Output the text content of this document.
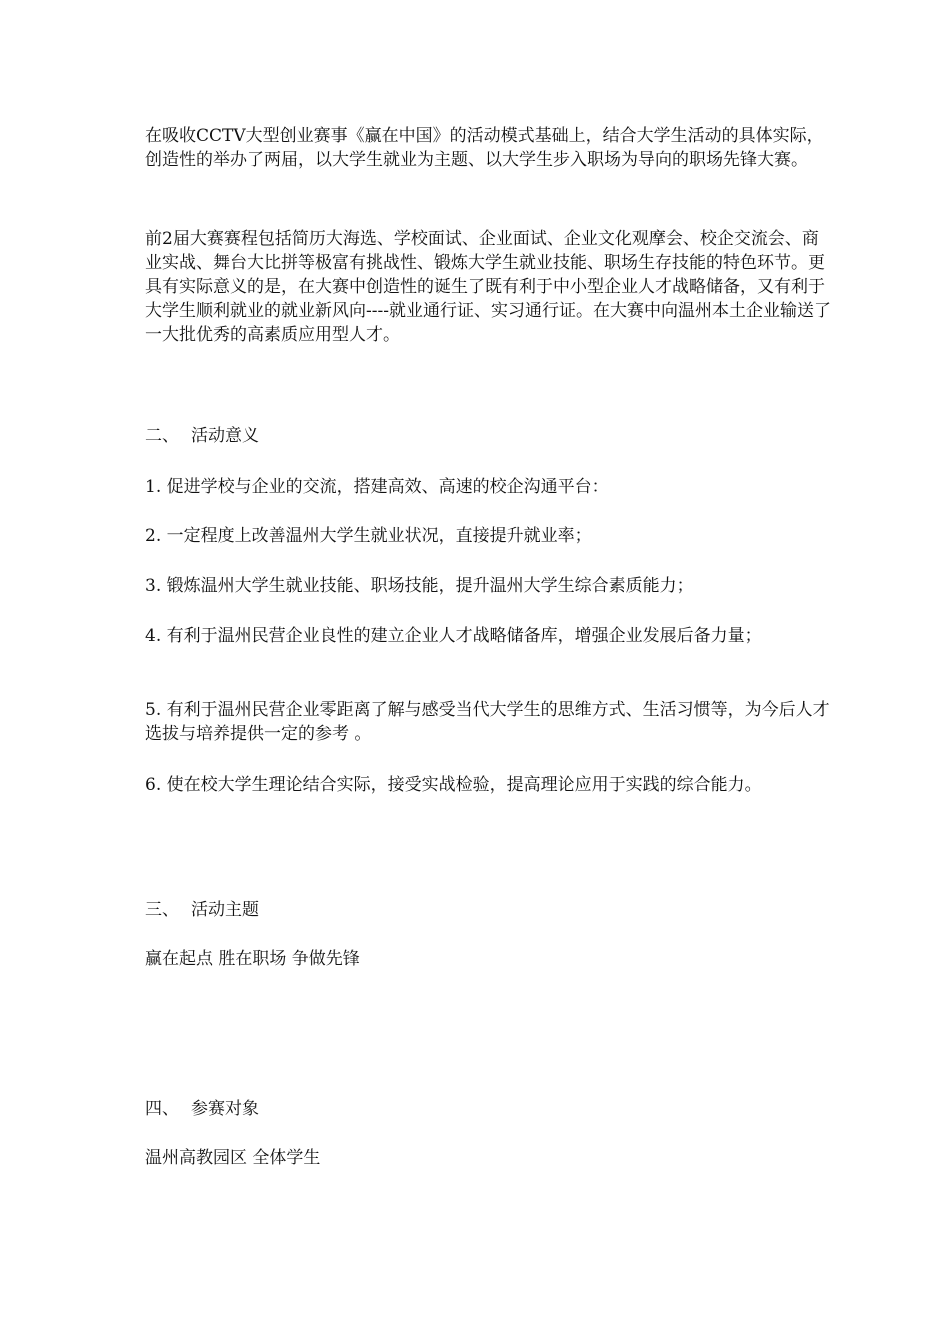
在吸收CCTV大型创业赛事《赢在中国》的活动模式基础上，结合大学生活动的具体实际，创造性的举办了两届，以大学生就业为主题、以大学生步入职场为导向的职场先锋大赛。

前2届大赛赛程包括简历大海选、学校面试、企业面试、企业文化观摩会、校企交流会、商业实战、舞台大比拼等极富有挑战性、锻炼大学生就业技能、职场生存技能的特色环节。更具有实际意义的是，在大赛中创造性的诞生了既有利于中小型企业人才战略储备，又有利于大学生顺利就业的就业新风向----就业通行证、实习通行证。在大赛中向温州本土企业输送了一大批优秀的高素质应用型人才。

二、 活动意义

1. 促进学校与企业的交流，搭建高效、高速的校企沟通平台：

2. 一定程度上改善温州大学生就业状况，直接提升就业率；

3. 锻炼温州大学生就业技能、职场技能，提升温州大学生综合素质能力；

4. 有利于温州民营企业良性的建立企业人才战略储备库，增强企业发展后备力量；

5. 有利于温州民营企业零距离了解与感受当代大学生的思维方式、生活习惯等，为今后人才选拔与培养提供一定的参考 。

6. 使在校大学生理论结合实际，接受实战检验，提高理论应用于实践的综合能力。

三、 活动主题

赢在起点 胜在职场 争做先锋

四、 参赛对象

温州高教园区 全体学生
